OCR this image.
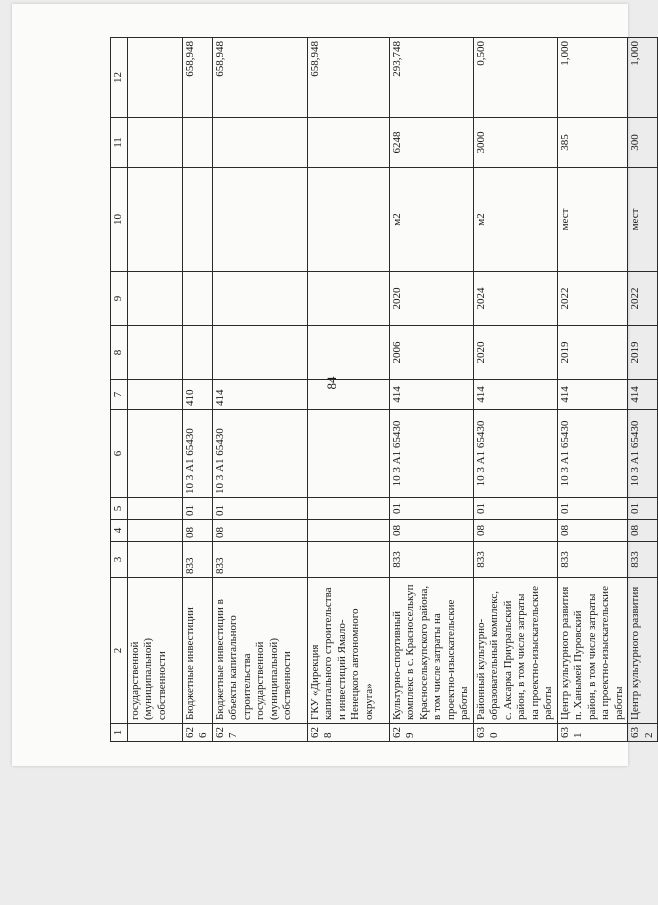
84
1	2	3	4	5	6	7	8	9	10	11	12
	государственной (муниципальной) собственности										
626	Бюджетные инвестиции	833	08	01	10 3 А1 65430	410					658,948
627	Бюджетные инвестиции в объекты капитального строительства государственной (муниципальной) собственности	833	08	01	10 3 А1 65430	414					658,948
628	ГКУ «Дирекция капитального строительства и инвестиций Ямало-Ненецкого автономного округа»										658,948
629	Культурно-спортивный комплекс в с. Красноселькуп Красноселькупского района, в том числе затраты на проектно-изыскательские работы	833	08	01	10 3 А1 65430	414	2006	2020	м2	6248	293,748
630	Районный культурно-образовательный комплекс, с. Аксарка Приуральский район, в том числе затраты на проектно-изыскательские работы	833	08	01	10 3 А1 65430	414	2020	2024	м2	3000	0,500
631	Центр культурного развития п. Ханымей Пуровский район, в том числе затраты на проектно-изыскательские работы	833	08	01	10 3 А1 65430	414	2019	2022	мест	385	1,000
632	Центр культурного развития	833	08	01	10 3 А1 65430	414	2019	2022	мест	300	1,000
